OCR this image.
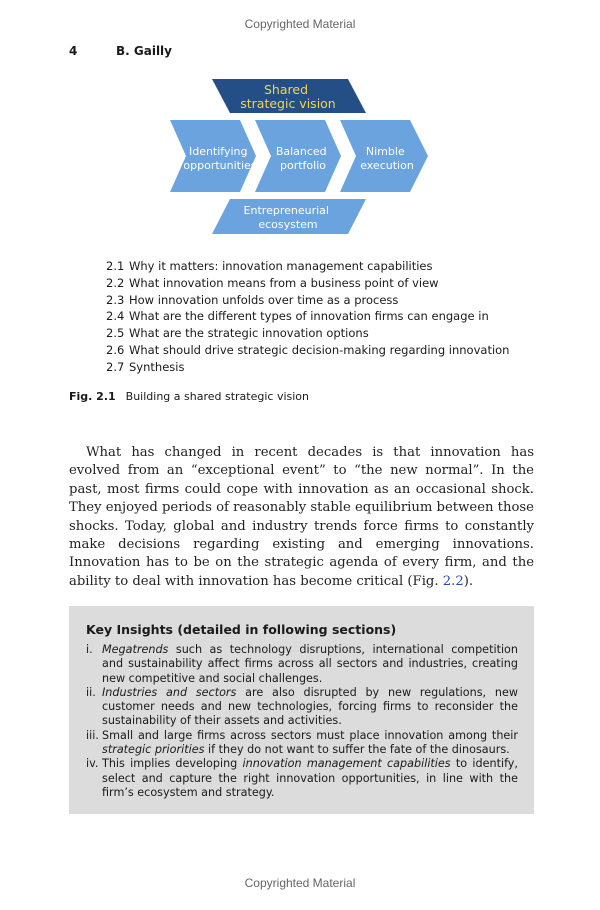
Copyrighted Material
4	B. Gailly
Shared strategic vision
Identifying opportunities
Balanced portfolio
Nimble execution
Entrepreneurial ecosystem
2.1 Why it matters: innovation management capabilities
2.2 What innovation means from a business point of view
2.3 How innovation unfolds over time as a process
2.4 What are the different types of innovation firms can engage in
2.5 What are the strategic innovation options
2.6 What should drive strategic decision-making regarding innovation
2.7 Synthesis
Fig. 2.1 Building a shared strategic vision

What has changed in recent decades is that innovation has evolved from an “exceptional event” to “the new normal”. In the past, most firms could cope with innovation as an occasional shock. They enjoyed periods of reasonably stable equilibrium between those shocks. Today, global and industry trends force firms to constantly make decisions regarding existing and emerging innovations. Innovation has to be on the strategic agenda of every firm, and the ability to deal with innovation has become critical (Fig. 2.2).

Key Insights (detailed in following sections)
i. Megatrends such as technology disruptions, international competition and sustainability affect firms across all sectors and industries, creating new competitive and social challenges.
ii. Industries and sectors are also disrupted by new regulations, new customer needs and new technologies, forcing firms to reconsider the sustainability of their assets and activities.
iii. Small and large firms across sectors must place innovation among their strategic priorities if they do not want to suffer the fate of the dinosaurs.
iv. This implies developing innovation management capabilities to identify, select and capture the right innovation opportunities, in line with the firm’s ecosystem and strategy.
Copyrighted Material
